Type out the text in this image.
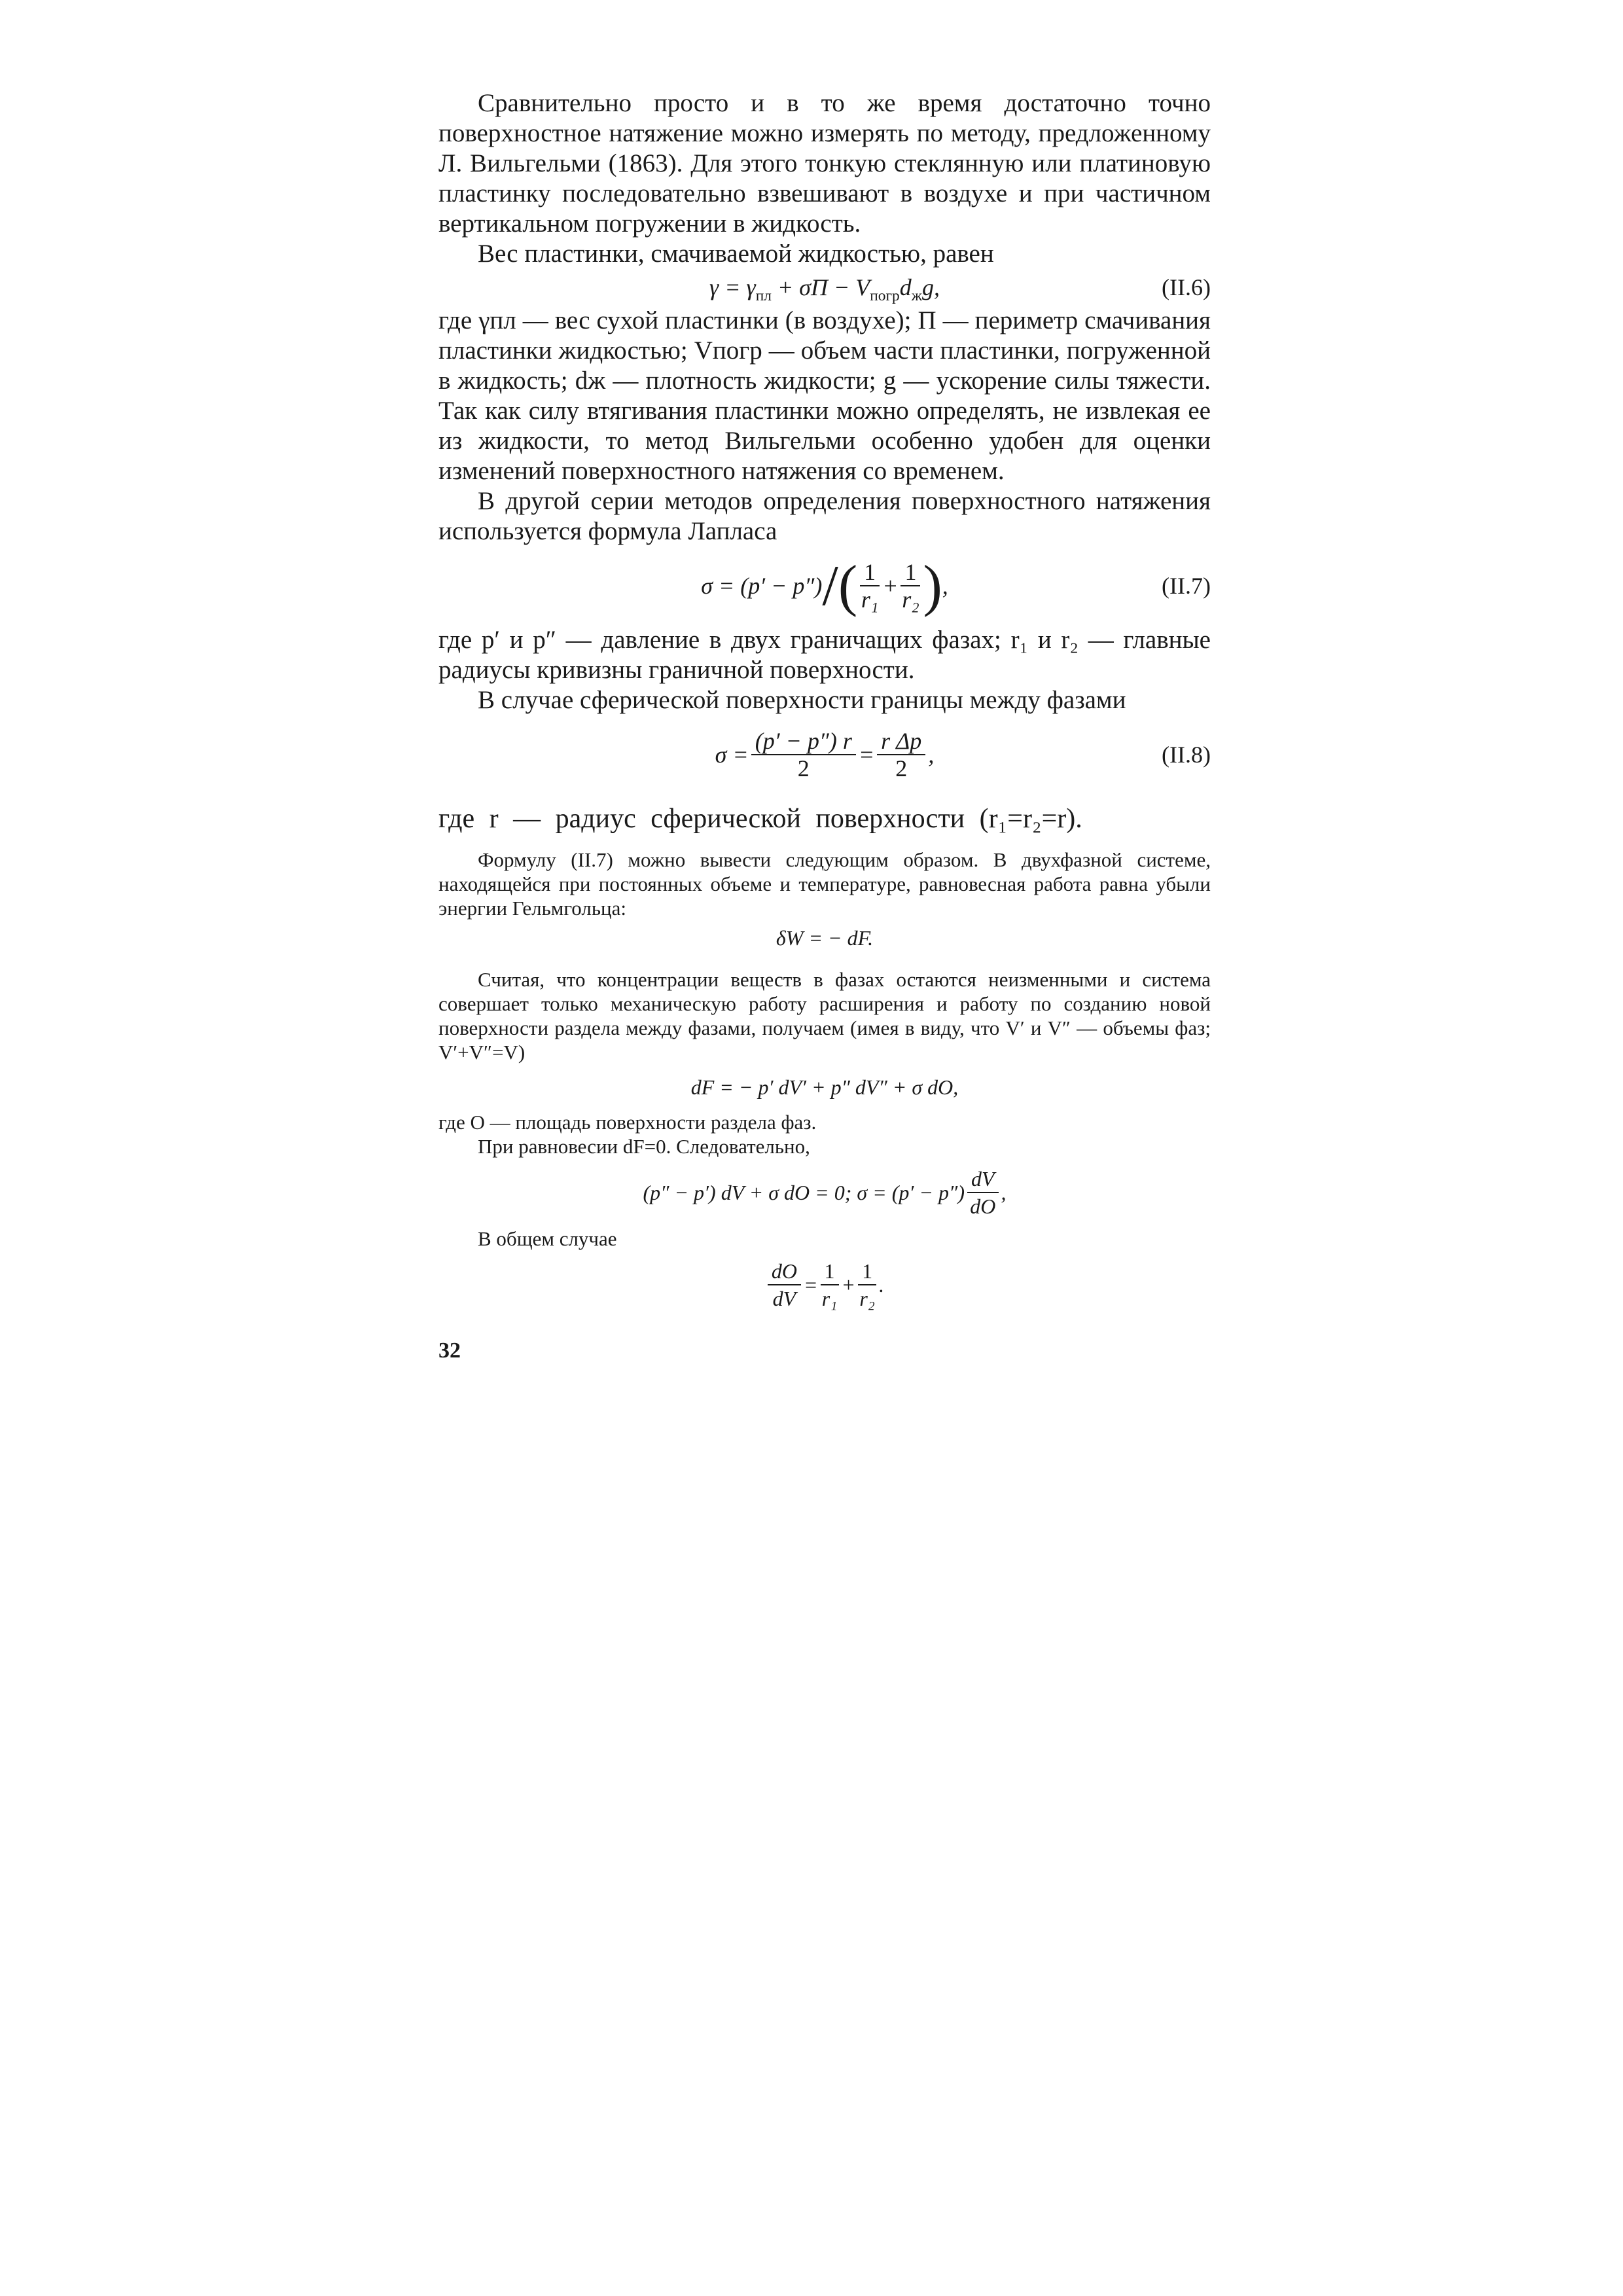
Сравнительно просто и в то же время достаточно точно поверхностное натяжение можно измерять по методу, предложенному Л. Вильгельми (1863). Для этого тонкую стеклянную или платиновую пластинку последовательно взвешивают в воздухе и при частичном вертикальном погружении в жидкость.

Вес пластинки, смачиваемой жидкостью, равен

$\gamma = \gamma_{пл} + \sigma\Pi - V_{погр}d_жg$,	(II.6)

где γпл — вес сухой пластинки (в воздухе); Π — периметр смачивания пластинки жидкостью; Vпогр — объем части пластинки, погруженной в жидкость; dж — плотность жидкости; g — ускорение силы тяжести. Так как силу втягивания пластинки можно определять, не извлекая ее из жидкости, то метод Вильгельми особенно удобен для оценки изменений поверхностного натяжения со временем.

В другой серии методов определения поверхностного натяжения используется формула Лапласа

σ = (p′ − p″) / ( $\frac{1}{\text{r₁}} + \frac{1}{\text{r₂}}$ ) ,	(II.7)

где p′ и p″ — давление в двух граничащих фазах; r₁ и r₂ — главные радиусы кривизны граничной поверхности.

В случае сферической поверхности границы между фазами

$\sigma = \frac{(p' - p'') r}{2} = \frac{\text{r Δp}}{2}$ ,	(II.8)

где r — радиус сферической поверхности (r₁=r₂=r).

Формулу (II.7) можно вывести следующим образом. В двухфазной системе, находящейся при постоянных объеме и температуре, равновесная работа равна убыли энергии Гельмгольца:

δW = − dF.

Считая, что концентрации веществ в фазах остаются неизменными и система совершает только механическую работу расширения и работу по созданию новой поверхности раздела между фазами, получаем (имея в виду, что V′ и V″ — объемы фаз; V′+V″=V)

dF = − p′ dV′ + p″ dV″ + σ dO,

где O — площадь поверхности раздела фаз.

При равновесии dF=0. Следовательно,

(p″ − p′) dV + σ dO = 0; $\sigma = (p' - p'') \frac{dV}{dO}$ ,

В общем случае

$\frac{dO}{dV} = \frac{1}{\text{r₁}} + \frac{1}{\text{r₂}}$ .
32
